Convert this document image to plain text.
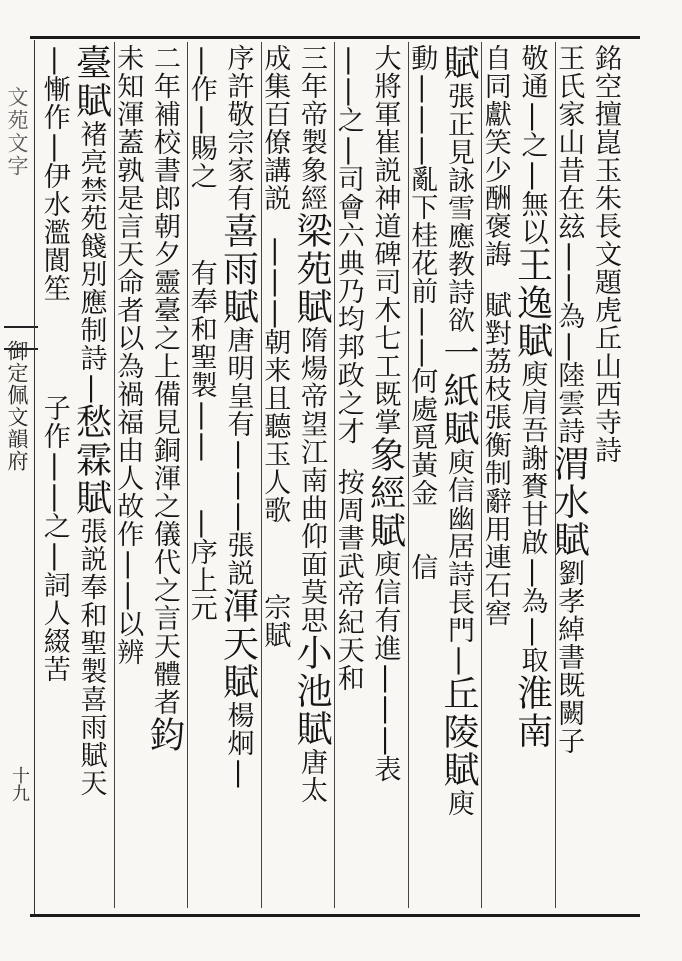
文苑文字
御定佩文韻府
十九
銘空擅崑玉朱長文題虎丘山西寺詩
王氏家山昔在玆||為|陸雲詩渭水賦劉孝綽書既闕子
敬通|之|無以王逸賦庾肩吾謝賚甘啟|為|取淮南
自同獻笑少酬褒誨　賦對荔枝張衡制辭用連石窖
賦張正見詠雪應教詩欲一紙賦庾信幽居詩長門|丘陵賦庾
動|||亂下桂花前||何處覓黃金　　信
大將軍崔説神道碑司木七工既掌象經賦庾信有進|||表
||之|司會六典乃均邦政之才　按周書武帝紀天和
三年帝製象經梁苑賦隋煬帝望江南曲仰面莫思小池賦唐太
成集百僚講説　|||朝来且聽玉人歌　　　宗賦
序許敬宗家有喜雨賦唐明皇有|||張説渾天賦楊炯|
|作|賜之　　　有奉和聖製||　　|序上元
二年補校書郎朝夕靈臺之上備見銅渾之儀代之言天體者鈞
未知渾蓋孰是言天命者以為禍福由人故作||以辨
臺賦褚亮禁苑餞別應制詩|愁霖賦張説奉和聖製喜雨賦天
|慚作|伊水濫閬笙　　　　子作||之|詞人綴苦
